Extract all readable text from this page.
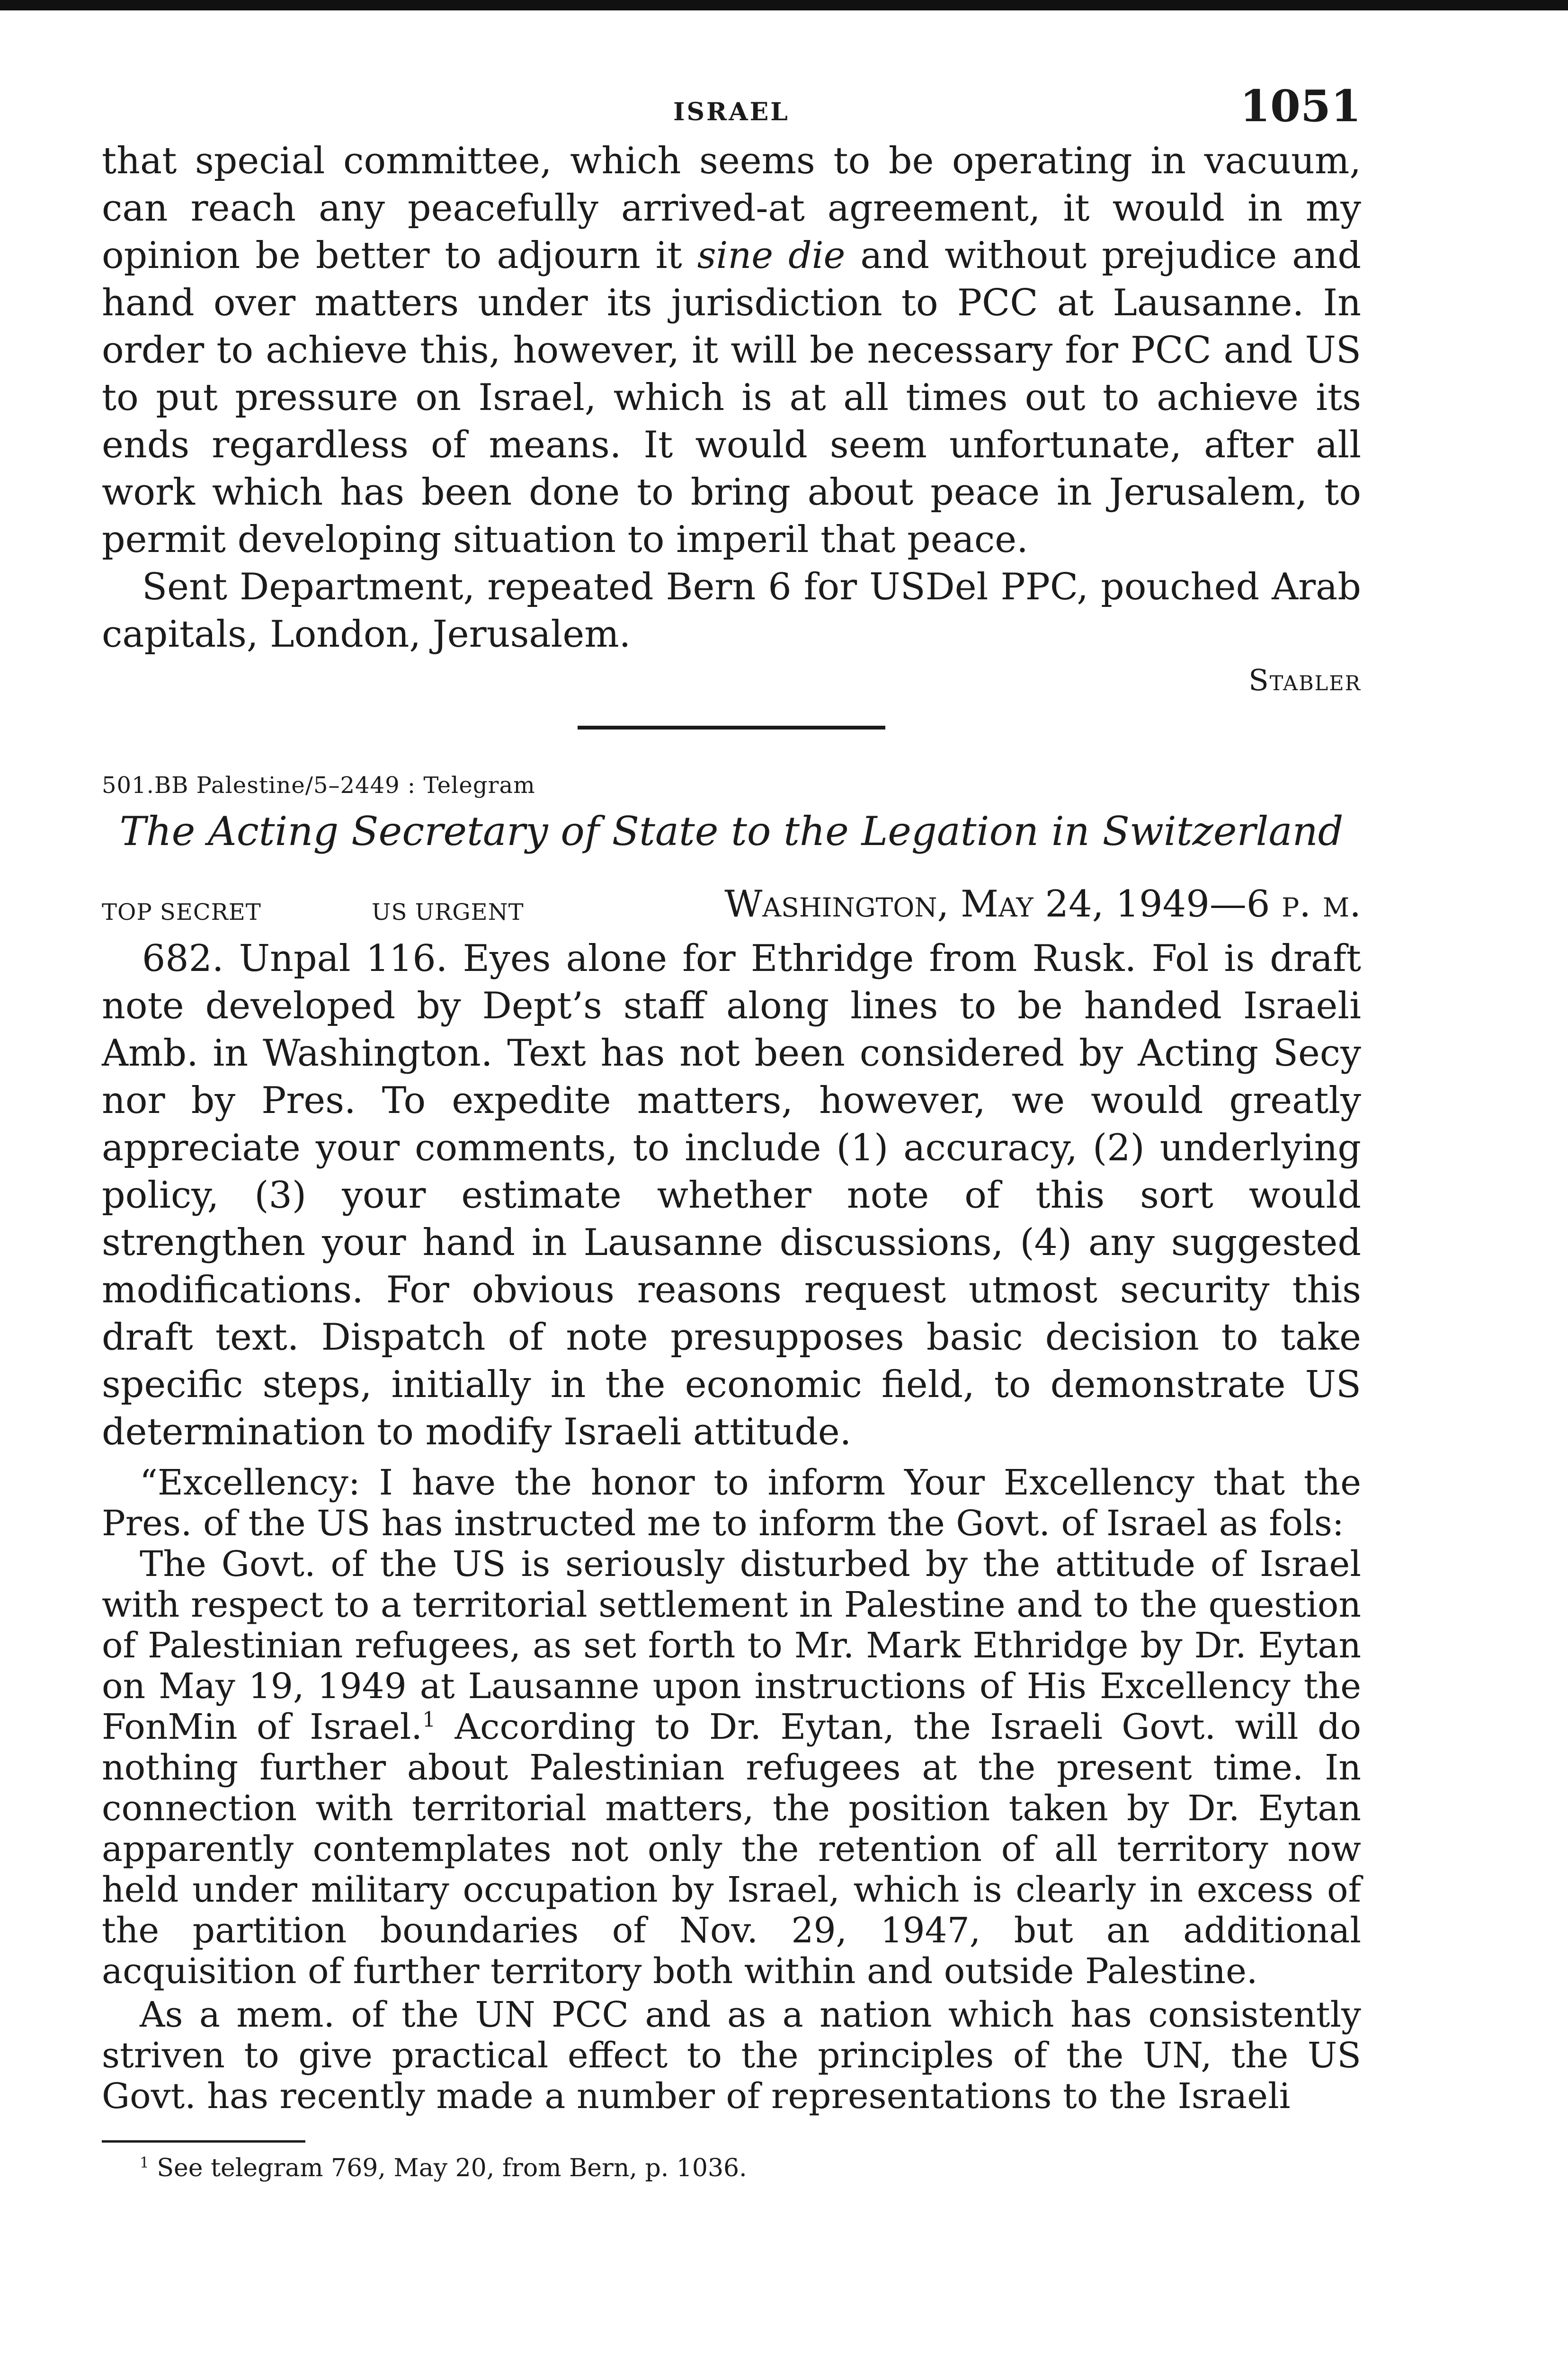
ISRAEL	1051

that special committee, which seems to be operating in vacuum, can reach any peacefully arrived-at agreement, it would in my opinion be better to adjourn it sine die and without prejudice and hand over matters under its jurisdiction to PCC at Lausanne. In order to achieve this, however, it will be necessary for PCC and US to put pressure on Israel, which is at all times out to achieve its ends regardless of means. It would seem unfortunate, after all work which has been done to bring about peace in Jerusalem, to permit developing situation to imperil that peace.

Sent Department, repeated Bern 6 for USDel PPC, pouched Arab capitals, London, Jerusalem.

Stabler
501.BB Palestine/5–2449 : Telegram
The Acting Secretary of State to the Legation in Switzerland
TOP SECRET	US URGENT	Washington, May 24, 1949—6 p. m.

682. Unpal 116. Eyes alone for Ethridge from Rusk. Fol is draft note developed by Dept’s staff along lines to be handed Israeli Amb. in Washington. Text has not been considered by Acting Secy nor by Pres. To expedite matters, however, we would greatly appreciate your comments, to include (1) accuracy, (2) underlying policy, (3) your estimate whether note of this sort would strengthen your hand in Lausanne discussions, (4) any suggested modifications. For obvious reasons request utmost security this draft text. Dispatch of note presupposes basic decision to take specific steps, initially in the economic field, to demonstrate US determination to modify Israeli attitude.

“Excellency: I have the honor to inform Your Excellency that the Pres. of the US has instructed me to inform the Govt. of Israel as fols:

The Govt. of the US is seriously disturbed by the attitude of Israel with respect to a territorial settlement in Palestine and to the question of Palestinian refugees, as set forth to Mr. Mark Ethridge by Dr. Eytan on May 19, 1949 at Lausanne upon instructions of His Excellency the FonMin of Israel.$^1$ According to Dr. Eytan, the Israeli Govt. will do nothing further about Palestinian refugees at the present time. In connection with territorial matters, the position taken by Dr. Eytan apparently contemplates not only the retention of all territory now held under military occupation by Israel, which is clearly in excess of the partition boundaries of Nov. 29, 1947, but an additional acquisition of further territory both within and outside Palestine.

As a mem. of the UN PCC and as a nation which has consistently striven to give practical effect to the principles of the UN, the US Govt. has recently made a number of representations to the Israeli

$^1$ See telegram 769, May 20, from Bern, p. 1036.
